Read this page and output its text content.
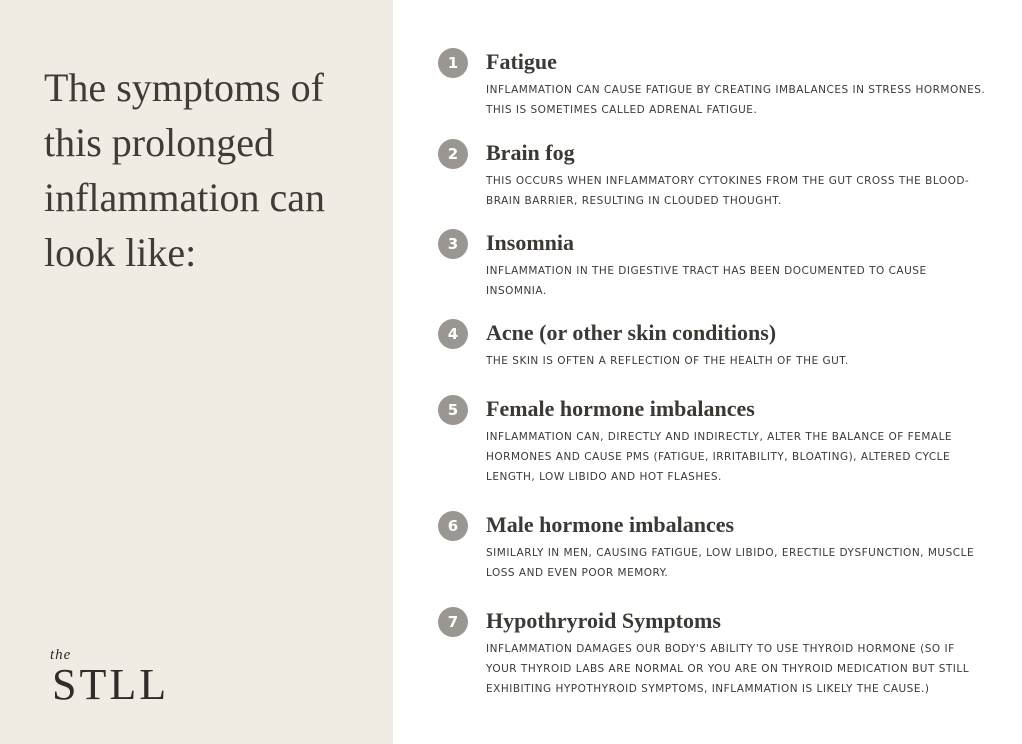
The symptoms of this prolonged inflammation can look like:
the
STLL
1	Fatigue

INFLAMMATION CAN CAUSE FATIGUE BY CREATING IMBALANCES IN STRESS HORMONES. THIS IS SOMETIMES CALLED ADRENAL FATIGUE.

2	Brain fog

THIS OCCURS WHEN INFLAMMATORY CYTOKINES FROM THE GUT CROSS THE BLOOD-BRAIN BARRIER, RESULTING IN CLOUDED THOUGHT.

3	Insomnia

INFLAMMATION IN THE DIGESTIVE TRACT HAS BEEN DOCUMENTED TO CAUSE INSOMNIA.

4	Acne (or other skin conditions)

THE SKIN IS OFTEN A REFLECTION OF THE HEALTH OF THE GUT.

5	Female hormone imbalances

INFLAMMATION CAN, DIRECTLY AND INDIRECTLY, ALTER THE BALANCE OF FEMALE HORMONES AND CAUSE PMS (FATIGUE, IRRITABILITY, BLOATING), ALTERED CYCLE LENGTH, LOW LIBIDO AND HOT FLASHES.

6	Male hormone imbalances

SIMILARLY IN MEN, CAUSING FATIGUE, LOW LIBIDO, ERECTILE DYSFUNCTION, MUSCLE LOSS AND EVEN POOR MEMORY.

7	Hypothryroid Symptoms

INFLAMMATION DAMAGES OUR BODY'S ABILITY TO USE THYROID HORMONE (SO IF YOUR THYROID LABS ARE NORMAL OR YOU ARE ON THYROID MEDICATION BUT STILL EXHIBITING HYPOTHYROID SYMPTOMS, INFLAMMATION IS LIKELY THE CAUSE.)
